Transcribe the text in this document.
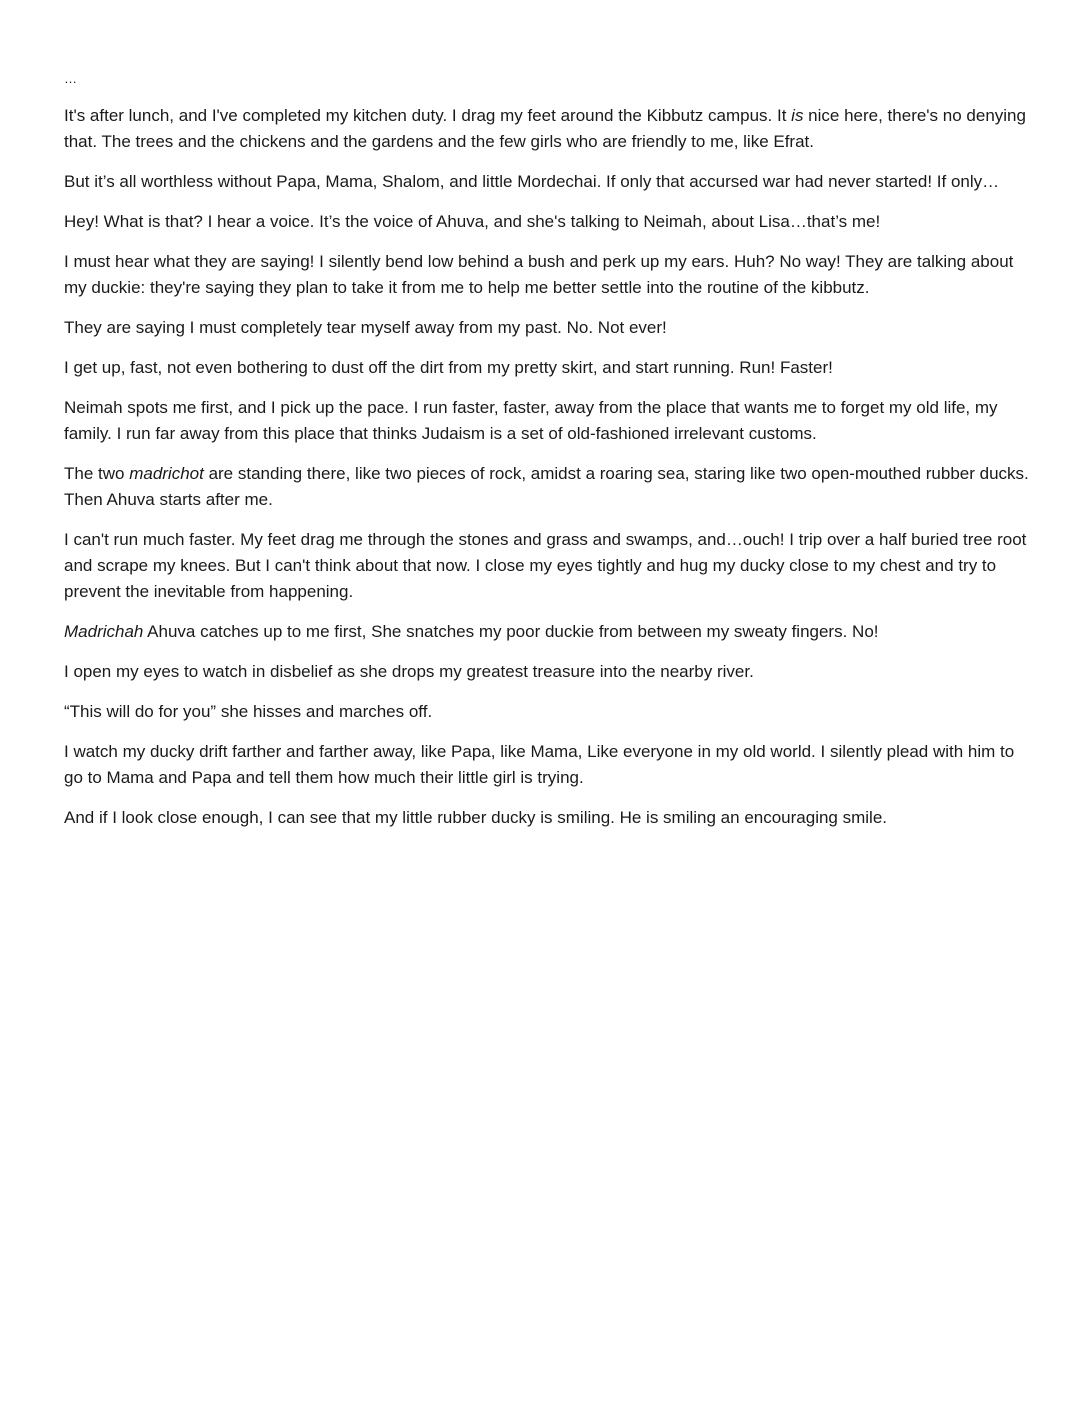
…

It's after lunch, and I've completed my kitchen duty. I drag my feet around the Kibbutz campus. It is nice here, there's no denying that. The trees and the chickens and the gardens and the few girls who are friendly to me, like Efrat.

But it’s all worthless without Papa, Mama, Shalom, and little Mordechai. If only that accursed war had never started! If only…

Hey! What is that? I hear a voice. It’s the voice of Ahuva, and she's talking to Neimah, about Lisa…that’s me!

I must hear what they are saying! I silently bend low behind a bush and perk up my ears. Huh? No way! They are talking about my duckie: they're saying they plan to take it from me to help me better settle into the routine of the kibbutz.

They are saying I must completely tear myself away from my past. No. Not ever!

I get up, fast, not even bothering to dust off the dirt from my pretty skirt, and start running. Run! Faster!

Neimah spots me first, and I pick up the pace. I run faster, faster, away from the place that wants me to forget my old life, my family. I run far away from this place that thinks Judaism is a set of old-fashioned irrelevant customs.

The two madrichot are standing there, like two pieces of rock, amidst a roaring sea, staring like two open-mouthed rubber ducks. Then Ahuva starts after me.

I can't run much faster. My feet drag me through the stones and grass and swamps, and…ouch! I trip over a half buried tree root and scrape my knees. But I can't think about that now. I close my eyes tightly and hug my ducky close to my chest and try to prevent the inevitable from happening.

Madrichah Ahuva catches up to me first, She snatches my poor duckie from between my sweaty fingers. No!

I open my eyes to watch in disbelief as she drops my greatest treasure into the nearby river.

“This will do for you” she hisses and marches off.

I watch my ducky drift farther and farther away, like Papa, like Mama, Like everyone in my old world. I silently plead with him to go to Mama and Papa and tell them how much their little girl is trying.

And if I look close enough, I can see that my little rubber ducky is smiling. He is smiling an encouraging smile.
